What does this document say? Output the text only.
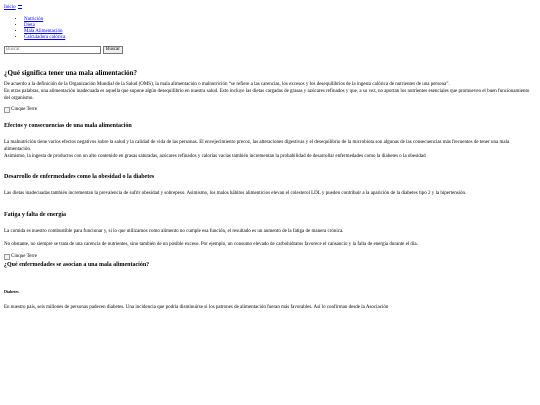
Inicio
• Nutrición
• Dieta
• Mala Alimentación
• Calculadora calórica
Buscar
Buscar
¿Qué significa tener una mala alimentación?

De acuerdo a la definición de la Organización Mundial de la Salud (OMS), la mala alimentación o malnutrición “se refiere a las carencias, los excesos y los desequilibrios de la ingesta calórica de nutrientes de una persona”.

En otras palabras, una alimentación inadecuada es aquella que supone algún desequilibrio en nuestra salud. Esto incluye las dietas cargadas de grasas y azúcares refinados y que, a su vez, no aportan los nutrientes esenciales que promueven el buen funcionamiento del organismo.

Cinque Terre
Efectos y consecuencias de una mala alimentación

La malnutrición tiene varios efectos negativos sobre la salud y la calidad de vida de las personas. El envejecimiento precoz, las alteraciones digestivas y el desequilibrio de la microbiota son algunas de las consecuencias más frecuentes de tener una mala alimentación.

Asimismo, la ingesta de productos con un alto contenido en grasas saturadas, azúcares refinados y calorías vacías también incrementan la probabilidad de desarrollar enfermedades como la diabetes o la obesidad

Desarrollo de enfermedades como la obesidad o la diabetes

Las dietas inadecuadas también incrementan la prevalencia de sufrir obesidad y sobrepeso. Asimismo, los malos hábitos alimenticios elevan el colesterol LDL y pueden contribuir a la aparición de la diabetes tipo 2 y la hipertensión.

Fatiga y falta de energía

La comida es nuestro combustible para funcionar y, si lo que utilizamos como alimento no cumple esa función, el resultado es un aumento de la fatiga de manera crónica.

No obstante, no siempre se trata de una carencia de nutrientes, sino también de un posible exceso. Por ejemplo, un consumo elevado de carbohidratos favorece el cansancio y la falta de energía durante el día.

Cinque Terre
¿Qué enfermedades se asocian a una mala alimentación?
Diabetes

En nuestro país, seis millones de personas padecen diabetes. Una incidencia que podría disminuirse si los patrones de alimentación fueran más favorables. Así lo confirman desde la Asociación
